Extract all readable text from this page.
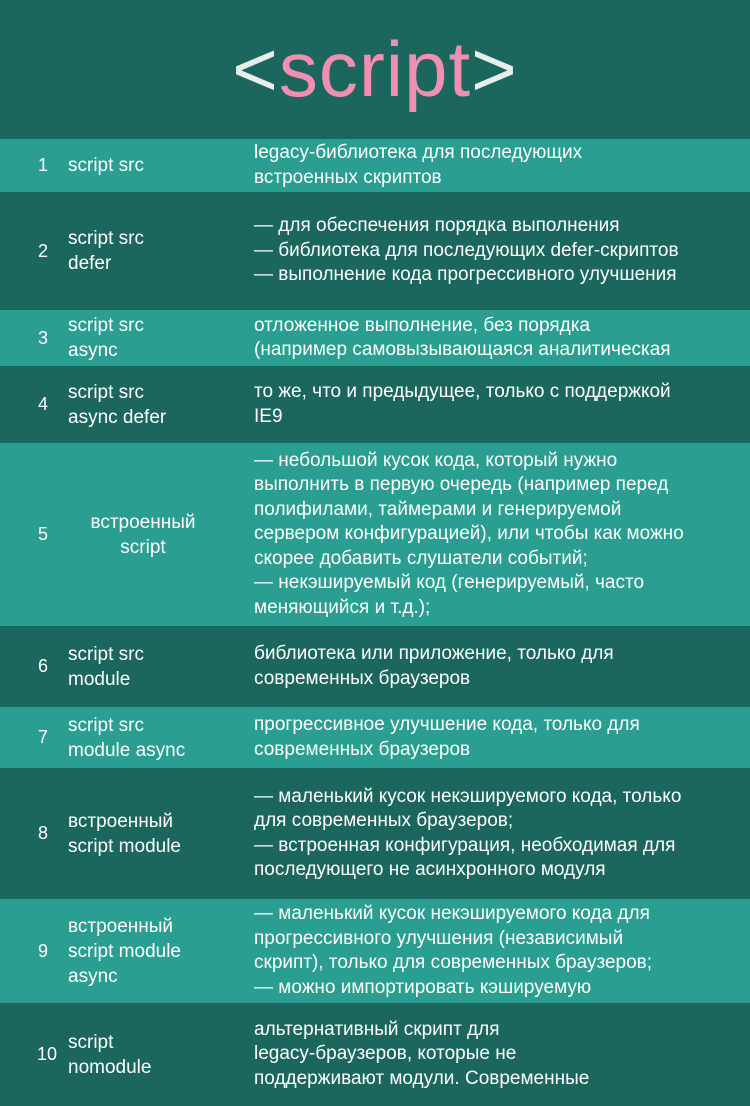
< script >
1	script src
legacy-библиотека для последующих
встроенных скриптов
2
script src
defer
— для обеспечения порядка выполнения
— библиотека для последующих defer-скриптов
— выполнение кода прогрессивного улучшения
3
script src
async
отложенное выполнение, без порядка
(например самовызывающаяся аналитическая
4
script src
async defer
то же, что и предыдущее, только с поддержкой
IE9
5
встроенный
script
— небольшой кусок кода, который нужно
выполнить в первую очередь (например перед
полифилами, таймерами и генерируемой
сервером конфигурацией), или чтобы как можно
скорее добавить слушатели событий;
— некэшируемый код (генерируемый, часто
меняющийся и т.д.);
6
script src
module
библиотека или приложение, только для
современных браузеров
7
script src
module async
прогрессивное улучшение кода, только для
современных браузеров
8
встроенный
script module
— маленький кусок некэшируемого кода, только
для современных браузеров;
— встроенная конфигурация, необходимая для
последующего не асинхронного модуля
9
встроенный
script module
async
— маленький кусок некэшируемого кода для
прогрессивного улучшения (независимый
скрипт), только для современных браузеров;
— можно импортировать кэшируемую
10
script
nomodule
альтернативный скрипт для
legacy-браузеров, которые не
поддерживают модули. Современные
